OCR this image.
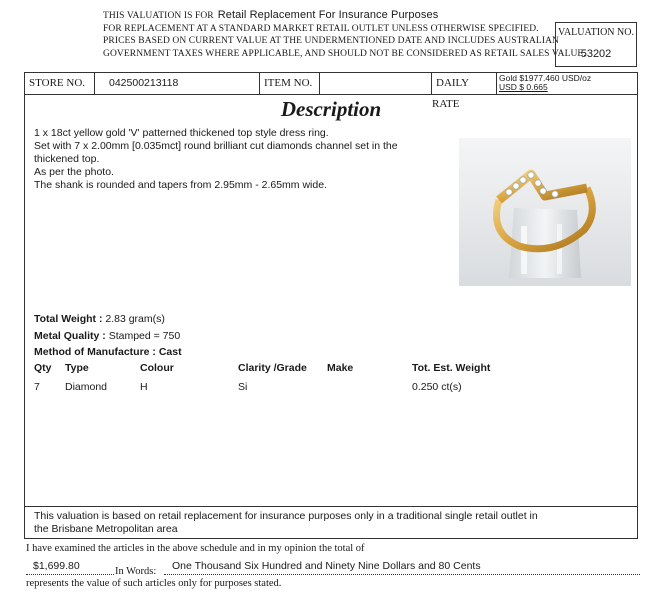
THIS VALUATION IS FOR Retail Replacement For Insurance Purposes
FOR REPLACEMENT AT A STANDARD MARKET RETAIL OUTLET UNLESS OTHERWISE SPECIFIED.
PRICES BASED ON CURRENT VALUE AT THE UNDERMENTIONED DATE AND INCLUDES AUSTRALIAN
GOVERNMENT TAXES WHERE APPLICABLE, AND SHOULD NOT BE CONSIDERED AS RETAIL SALES VALUE.
VALUATION NO.
53202
STORE NO.	042500213118	ITEM NO.	DAILY RATE
Gold $1977.460 USD/oz
USD $ 0.665
Description
1 x 18ct yellow gold 'V' patterned thickened top style dress ring.
Set with 7 x 2.00mm [0.035mct] round brilliant cut diamonds channel set in the
thickened top.
As per the photo.
The shank is rounded and tapers from 2.95mm - 2.65mm wide.
Total Weight : 2.83 gram(s)
Metal Quality : Stamped = 750
Method of Manufacture : Cast
Qty Type	Colour	Clarity /Grade Make	Tot. Est. Weight
7 Diamond	H	Si	0.250 ct(s)
This valuation is based on retail replacement for insurance purposes only in a traditional single retail outlet in
the Brisbane Metropolitan area
I have examined the articles in the above schedule and in my opinion the total of
$1,699.80	In Words: One Thousand Six Hundred and Ninety Nine Dollars and 80 Cents
represents the value of such articles only for purposes stated.
